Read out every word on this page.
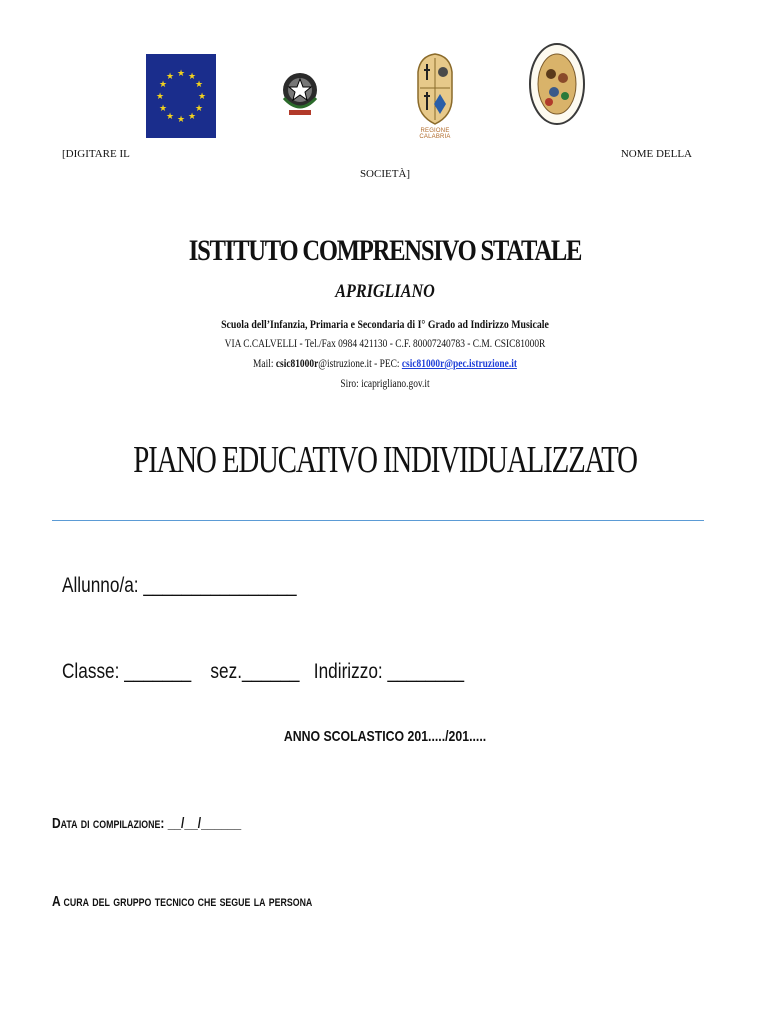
★ ★
★
★
★
★
★
★
★
★
★
★
REGIONE CALABRIA
[DIGITARE IL	NOME DELLA
SOCIETÀ]
ISTITUTO COMPRENSIVO STATALE
APRIGLIANO
Scuola dell’Infanzia, Primaria e Secondaria di I° Grado ad Indirizzo Musicale
VIA C.CALVELLI - Tel./Fax 0984 421130 - C.F. 80007240783 - C.M. CSIC81000R
Mail: csic81000r@istruzione.it - PEC: csic81000r@pec.istruzione.it
Siro: icaprigliano.gov.it
PIANO EDUCATIVO INDIVIDUALIZZATO
Allunno/a: ________________
Classe: _______ sez.______ Indirizzo: ________
ANNO SCOLASTICO 201...../201.....
Data di compilazione: __/__/______
A cura del gruppo tecnico che segue la persona
